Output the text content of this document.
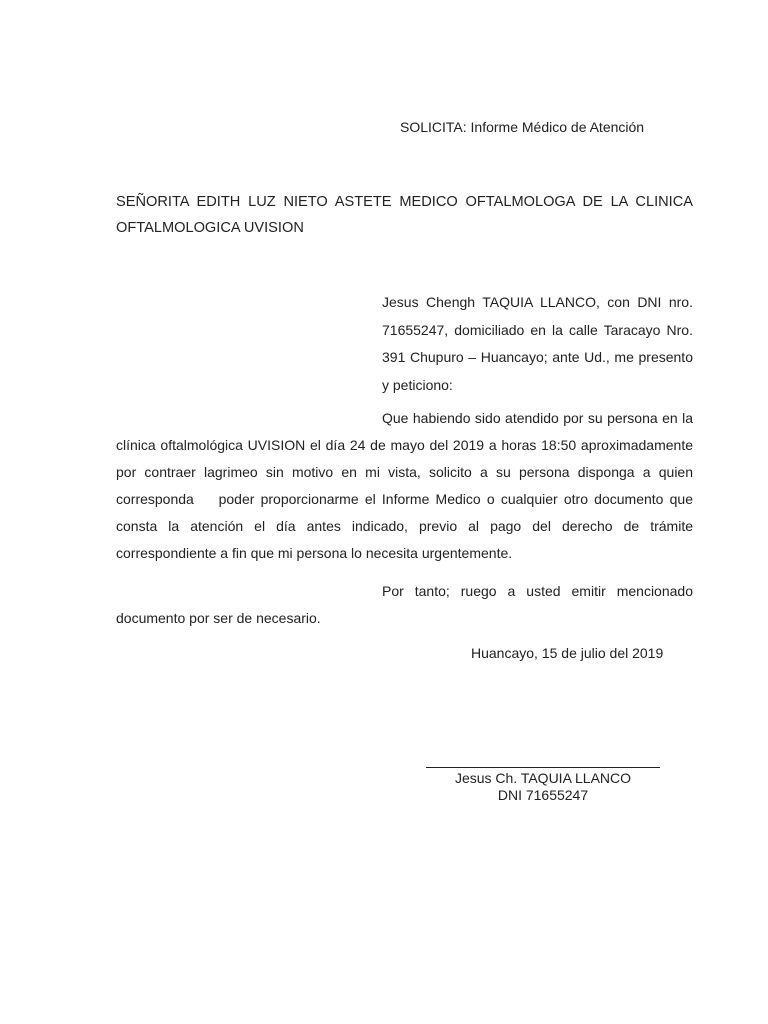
SOLICITA: Informe Médico de Atención
SEÑORITA EDITH LUZ NIETO ASTETE MEDICO OFTALMOLOGA DE LA CLINICA OFTALMOLOGICA UVISION
Jesus Chengh TAQUIA LLANCO, con DNI nro. 71655247, domiciliado en la calle Taracayo Nro. 391 Chupuro – Huancayo; ante Ud., me presento y peticiono:
Que habiendo sido atendido por su persona en la clínica oftalmológica UVISION el día 24 de mayo del 2019 a horas 18:50 aproximadamente por contraer lagrimeo sin motivo en mi vista, solicito a su persona disponga a quien corresponda    poder proporcionarme el Informe Medico o cualquier otro documento que consta la atención el día antes indicado, previo al pago del derecho de trámite correspondiente a fin que mi persona lo necesita urgentemente.
Por tanto; ruego a usted emitir mencionado documento por ser de necesario.
Huancayo, 15 de julio del 2019
Jesus Ch. TAQUIA LLANCO
DNI 71655247
